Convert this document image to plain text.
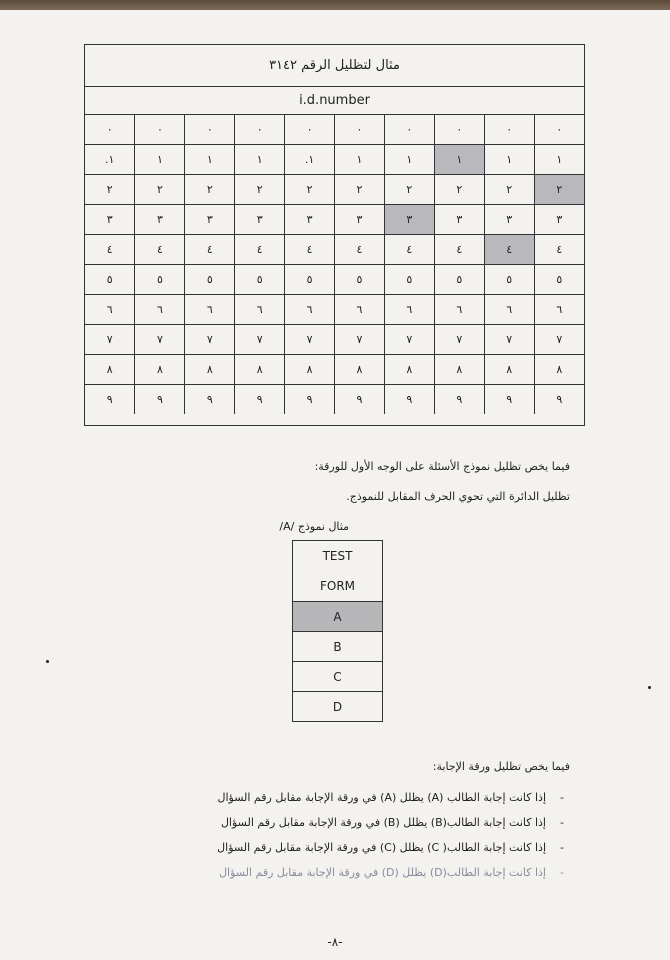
مثال لتظليل الرقم ٣١٤٢
i.d.number
٠	٠	٠	٠	٠	٠	٠	٠	٠	٠
١	١	١	١	١	١.	١	١	١	١.
٢	٢	٢	٢	٢	٢	٢	٢	٢	٢
٣	٣	٣	٣	٣	٣	٣	٣	٣	٣
٤	٤	٤	٤	٤	٤	٤	٤	٤	٤
٥	٥	٥	٥	٥	٥	٥	٥	٥	٥
٦	٦	٦	٦	٦	٦	٦	٦	٦	٦
٧	٧	٧	٧	٧	٧	٧	٧	٧	٧
٨	٨	٨	٨	٨	٨	٨	٨	٨	٨
٩	٩	٩	٩	٩	٩	٩	٩	٩	٩
فيما يخص تظليل نموذج الأسئلة على الوجه الأول للورقة:
تظليل الدائرة التي تحوي الحرف المقابل للنموذج.
مثال نموذج /A/
TEST
FORM
A
B
C
D
فيما يخص تظليل ورقة الإجابة:
-
إذا كانت إجابة الطالب (A) يظلل (A) في ورقة الإجابة مقابل رقم السؤال
-
إذا كانت إجابة الطالب(B) يظلل (B) في ورقة الإجابة مقابل رقم السؤال
-
إذا كانت إجابة الطالب( C) يظلل (C) في ورقة الإجابة مقابل رقم السؤال
-
إذا كانت إجابة الطالب(D) يظلل (D) في ورقة الإجابة مقابل رقم السؤال
-٨-
